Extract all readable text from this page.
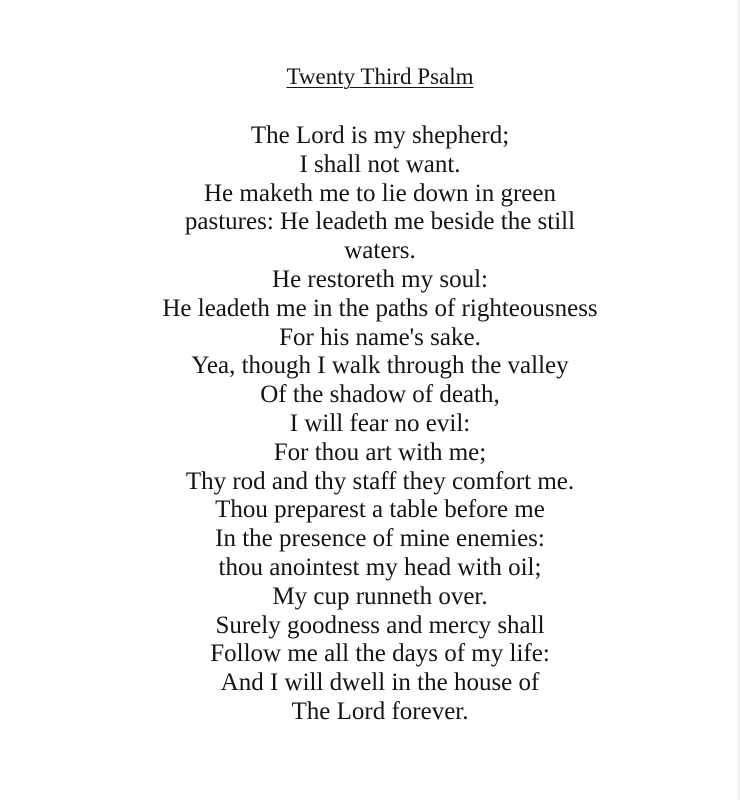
Twenty Third Psalm
The Lord is my shepherd;
I shall not want.
He maketh me to lie down in green
pastures: He leadeth me beside the still
waters.
He restoreth my soul:
He leadeth me in the paths of righteousness
For his name's sake.
Yea, though I walk through the valley
Of the shadow of death,
I will fear no evil:
For thou art with me;
Thy rod and thy staff they comfort me.
Thou preparest a table before me
In the presence of mine enemies:
thou anointest my head with oil;
My cup runneth over.
Surely goodness and mercy shall
Follow me all the days of my life:
And I will dwell in the house of
The Lord forever.
